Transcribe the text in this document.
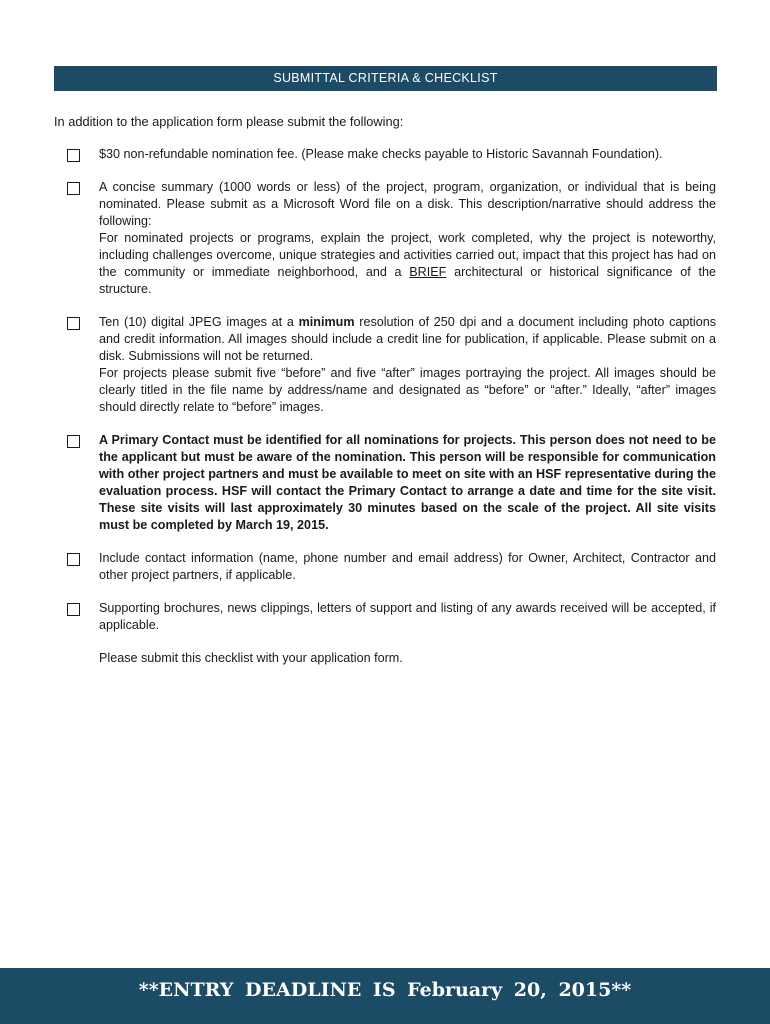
SUBMITTAL CRITERIA & CHECKLIST
In addition to the application form please submit the following:

$30 non-refundable nomination fee. (Please make checks payable to Historic Savannah Foundation).

A concise summary (1000 words or less) of the project, program, organization, or individual that is being nominated. Please submit as a Microsoft Word file on a disk. This description/narrative should address the following:

For nominated projects or programs, explain the project, work completed, why the project is noteworthy, including challenges overcome, unique strategies and activities carried out, impact that this project has had on the community or immediate neighborhood, and a BRIEF architectural or historical significance of the structure.

Ten (10) digital JPEG images at a minimum resolution of 250 dpi and a document including photo captions and credit information. All images should include a credit line for publication, if applicable. Please submit on a disk. Submissions will not be returned.

For projects please submit five “before” and five “after” images portraying the project. All images should be clearly titled in the file name by address/name and designated as “before” or “after.” Ideally, “after” images should directly relate to “before” images.

A Primary Contact must be identified for all nominations for projects. This person does not need to be the applicant but must be aware of the nomination. This person will be responsible for communication with other project partners and must be available to meet on site with an HSF representative during the evaluation process. HSF will contact the Primary Contact to arrange a date and time for the site visit. These site visits will last approximately 30 minutes based on the scale of the project. All site visits must be completed by March 19, 2015.

Include contact information (name, phone number and email address) for Owner, Architect, Contractor and other project partners, if applicable.

Supporting brochures, news clippings, letters of support and listing of any awards received will be accepted, if applicable.

Please submit this checklist with your application form.
**ENTRY DEADLINE IS February 20, 2015**
